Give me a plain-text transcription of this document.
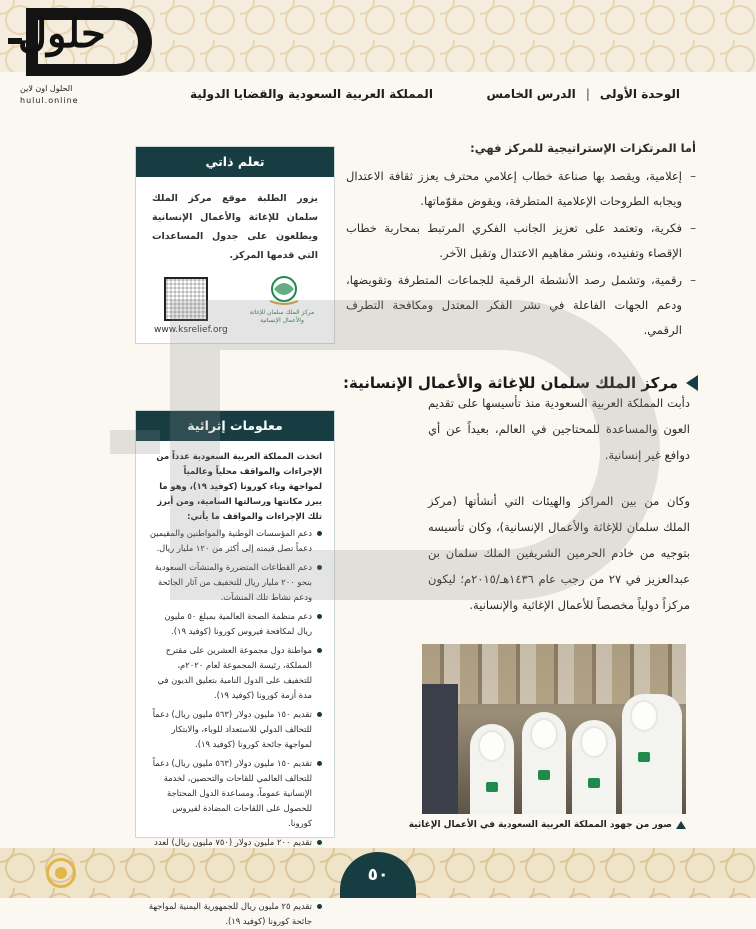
حلول
الحلول اون لاين
hulul.online	الوحدة الأولى
|
الدرس الخامس
المملكة العربية السعودية والقضايا الدولية
أما المرتكزات الإستراتيجية للمركز فهي:
– إعلامية، ويقصد بها صناعة خطاب إعلامي محترف يعزز ثقافة الاعتدال ويجابه الطروحات الإعلامية المتطرفة، ويقوض مقوّماتها.
– فكرية، وتعتمد على تعزيز الجانب الفكري المرتبط بمحاربة خطاب الإقصاء وتفنيده، ونشر مفاهيم الاعتدال وتقبل الآخر.
– رقمية، وتشمل رصد الأنشطة الرقمية للجماعات المتطرفة وتقويضها، ودعم الجهات الفاعلة في نشر الفكر المعتدل ومكافحة التطرف الرقمي.
مركز الملك سلمان للإغاثة والأعمال الإنسانية:
دأبت المملكة العربية السعودية منذ تأسيسها على تقديم العون والمساعدة للمحتاجين في العالم، بعيداً عن أي دوافع غير إنسانية.
وكان من بين المراكز والهيئات التي أنشأتها (مركز الملك سلمان للإغاثة والأعمال الإنسانية)، وكان تأسيسه بتوجيه من خادم الحرمين الشريفين الملك سلمان بن عبدالعزيز في ٢٧ من رجب عام ١٤٣٦هـ/٢٠١٥م؛ ليكون مركزاً دولياً مخصصاً للأعمال الإغاثية والإنسانية.
تعلم ذاتي
يزور الطلبة موقع مركز الملك سلمان للإغاثة والأعمال الإنسانية ويطلعون على جدول المساعدات التي قدمها المركز.
مركز الملك سلمان للإغاثة والأعمال الإنسانية
www.ksrelief.org
معلومات إثرائية
اتخذت المملكة العربية السعودية عدداً من الإجراءات والمواقف محلياً وعالمياً لمواجهة وباء كورونا (كوفيد ١٩)، وهو ما يبرز مكانتها ورسالتها السامية، ومن أبرز تلك الإجراءات والمواقف ما يأتي:
دعم المؤسسات الوطنية والمواطنين والمقيمين دعماً تصل قيمته إلى أكثر من ١٢٠ مليار ريال.
دعم القطاعات المتضررة والمنشآت السعودية بنحو ٢٠٠ مليار ريال للتخفيف من آثار الجائحة ودعم نشاط تلك المنشآت.
دعم منظمة الصحة العالمية بمبلغ ٥٠ مليون ريال لمكافحة فيروس كورونا (كوفيد ١٩).
مواطنة دول مجموعة العشرين على مقترح المملكة، رئيسة المجموعة لعام ٢٠٢٠م، للتخفيف على الدول النامية بتعليق الديون في مدة أزمة كورونا (كوفيد ١٩).
تقديم ١٥٠ مليون دولار (٥٦٣ مليون ريال) دعماً للتحالف الدولي للاستعداد للوباء، والابتكار لمواجهة جائحة كورونا (كوفيد ١٩).
تقديم ١٥٠ مليون دولار (٥٦٣ مليون ريال) دعماً للتحالف العالمي للقاحات والتحصين، لخدمة الإنسانية عموماً، ومساعدة الدول المحتاجة للحصول على اللقاحات المضادة لفيروس كورونا.
تقديم ٢٠٠ مليون دولار (٧٥٠ مليون ريال) لعدد
تقديم ٢٥ مليون ريال للجمهورية اليمنية لمواجهة جائحة كورونا (كوفيد ١٩).
صور من جهود المملكة العربية السعودية في الأعمال الإغاثية
٥٠
